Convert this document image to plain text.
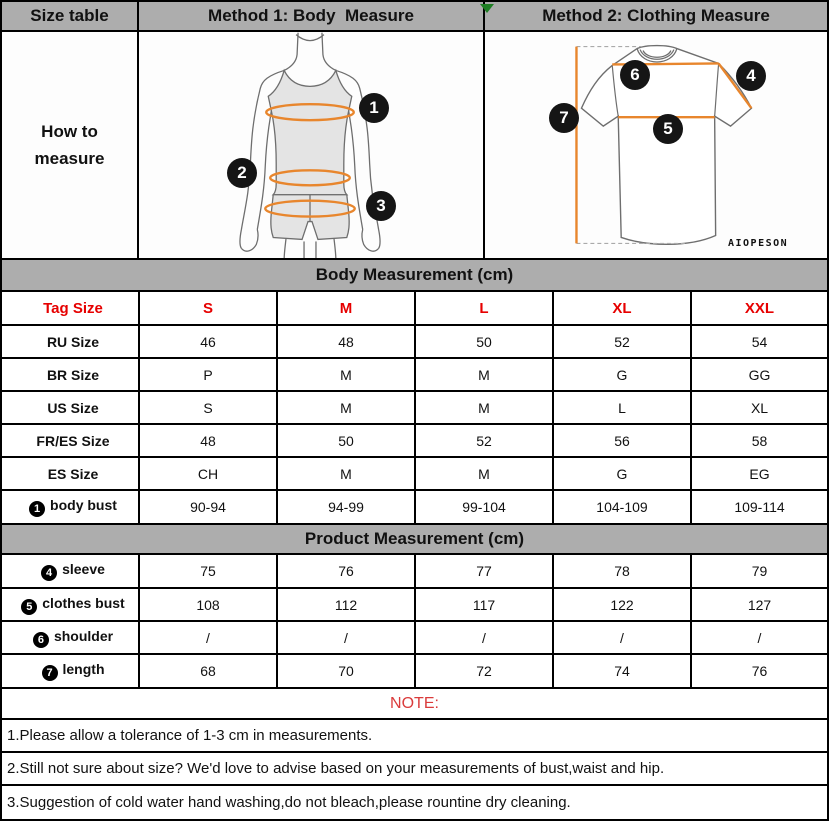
Size table	Method 1: Body  Measure	Method 2: Clothing Measure
How to measure
1
2
3
6	4
7
5
AIOPESON
Body Measurement (cm)
Tag Size	S	M	L	XL	XXL
RU Size	46	48	50	52	54
BR Size	P	M	M	G	GG
US Size	S	M	M	L	XL
FR/ES Size	48	50	52	56	58
ES Size	CH	M	M	G	EG
1 body bust	90-94	94-99	99-104	104-109	109-114
Product Measurement (cm)
4 sleeve	75	76	77	78	79
5 clothes bust	108	112	117	122	127
6 shoulder	/	/	/	/	/
7 length	68	70	72	74	76
NOTE:
1.Please allow a tolerance of 1-3 cm in measurements.
2.Still not sure about size? We'd love to advise based on your measurements of bust,waist and hip.
3.Suggestion of cold water hand washing,do not bleach,please rountine dry cleaning.
